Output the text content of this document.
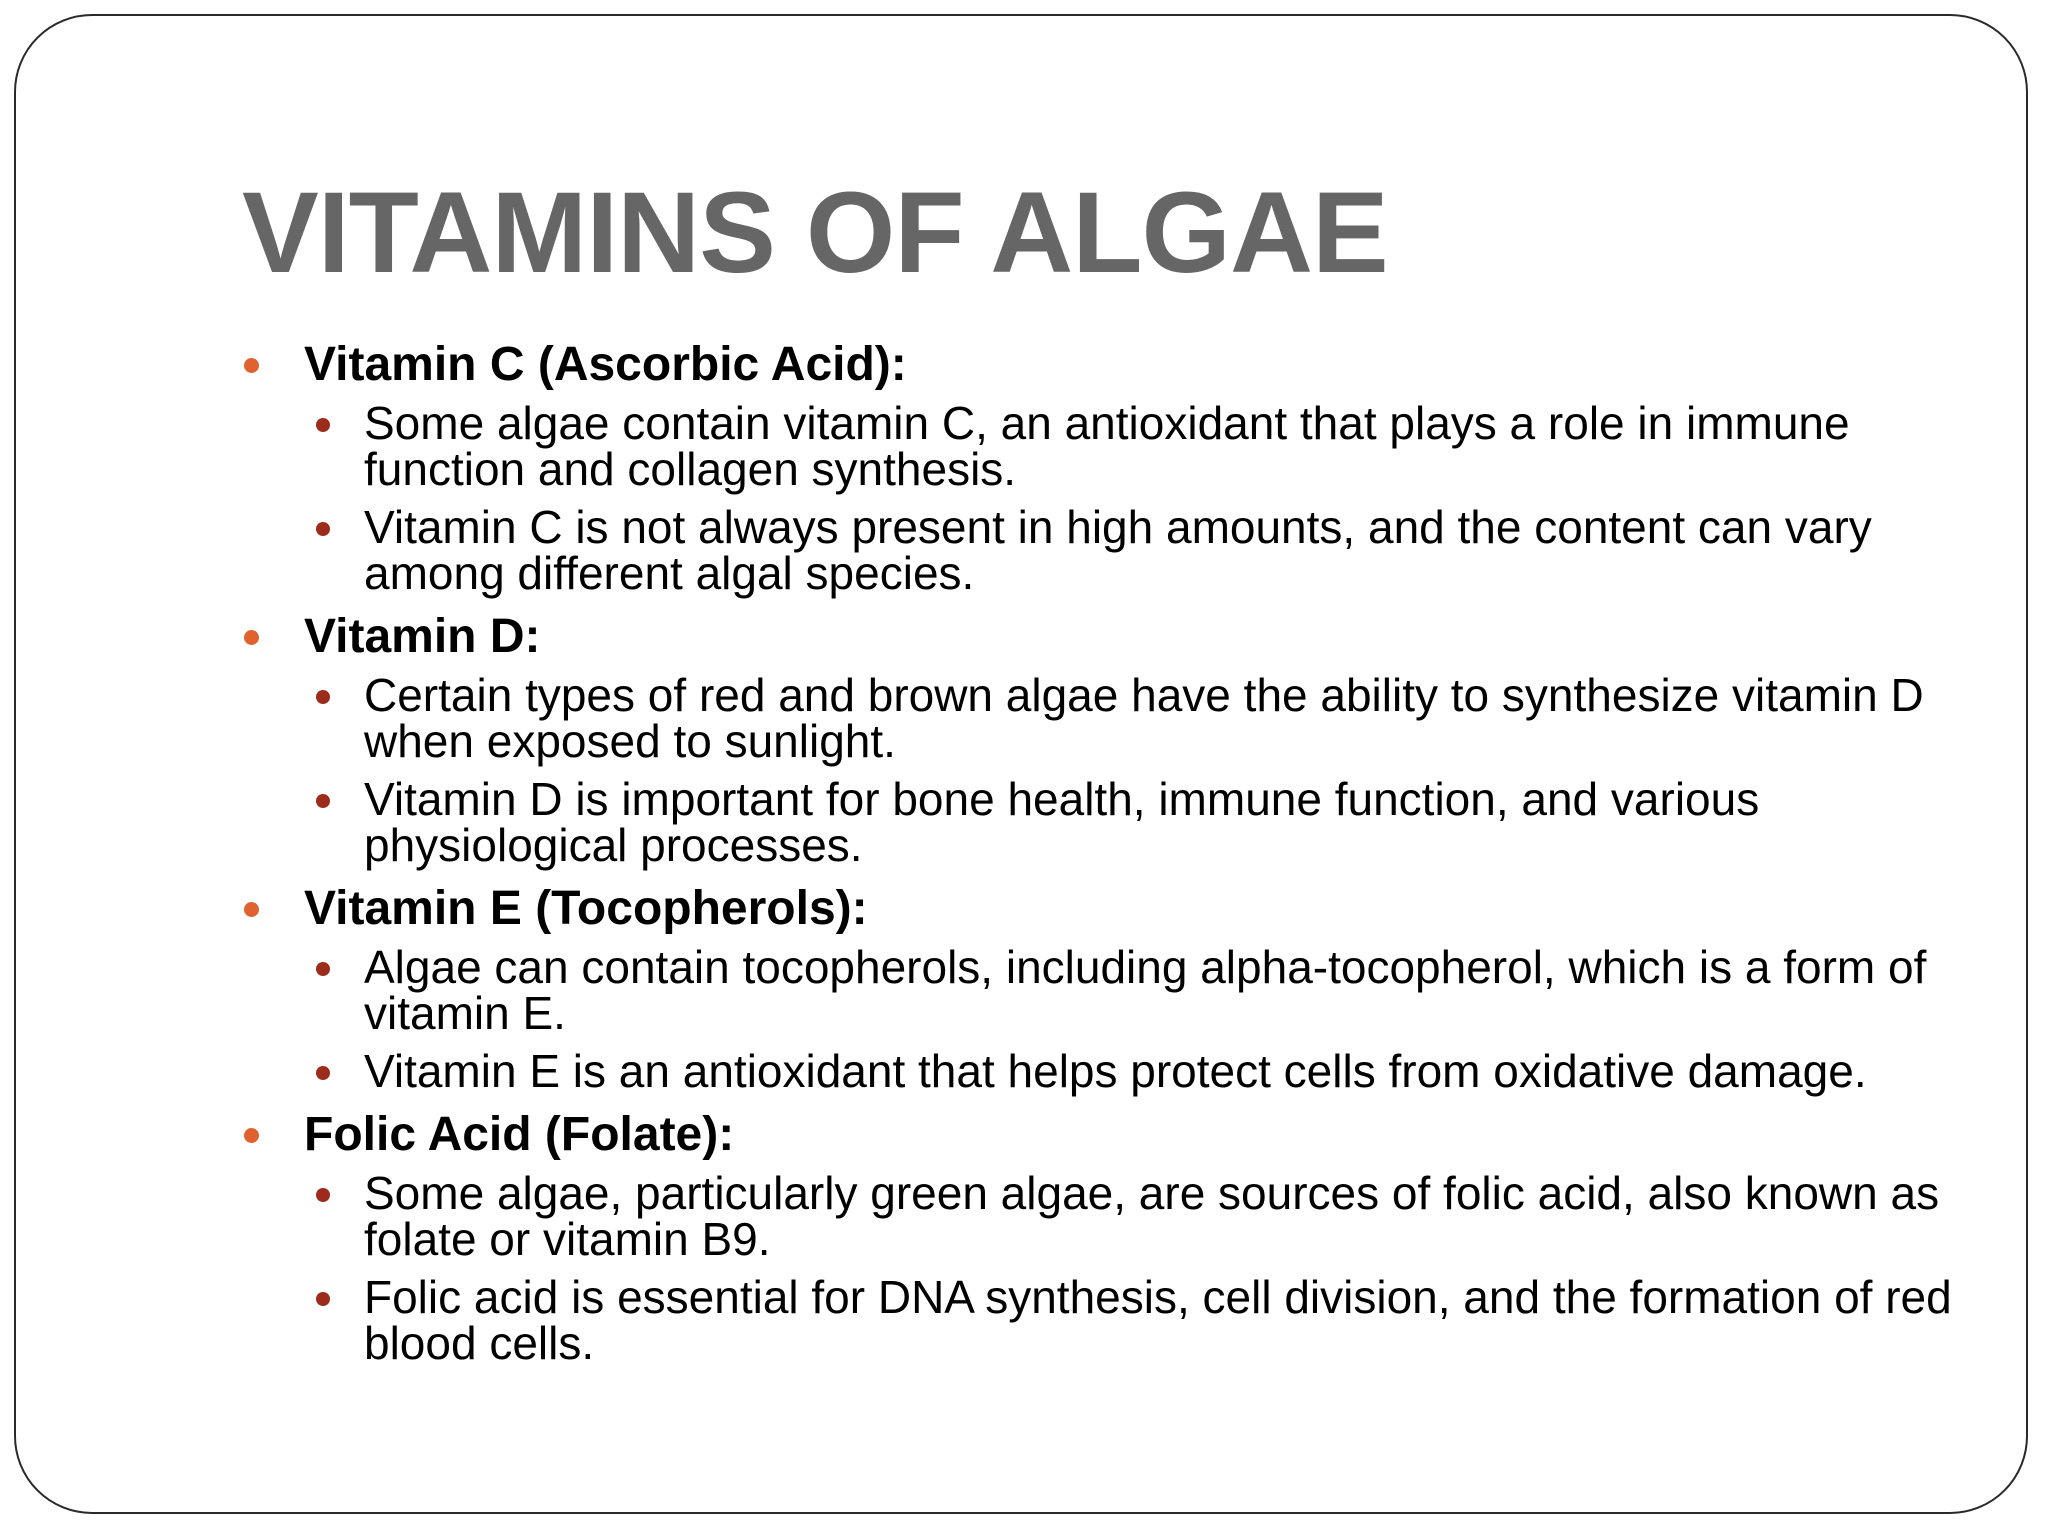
VITAMINS OF ALGAE
Vitamin C (Ascorbic Acid):
Some algae contain vitamin C, an antioxidant that plays a role in immune function and collagen synthesis.
Vitamin C is not always present in high amounts, and the content can vary among different algal species.
Vitamin D:
Certain types of red and brown algae have the ability to synthesize vitamin D when exposed to sunlight.
Vitamin D is important for bone health, immune function, and various physiological processes.
Vitamin E (Tocopherols):
Algae can contain tocopherols, including alpha-tocopherol, which is a form of vitamin E.
Vitamin E is an antioxidant that helps protect cells from oxidative damage.
Folic Acid (Folate):
Some algae, particularly green algae, are sources of folic acid, also known as folate or vitamin B9.
Folic acid is essential for DNA synthesis, cell division, and the formation of red blood cells.
